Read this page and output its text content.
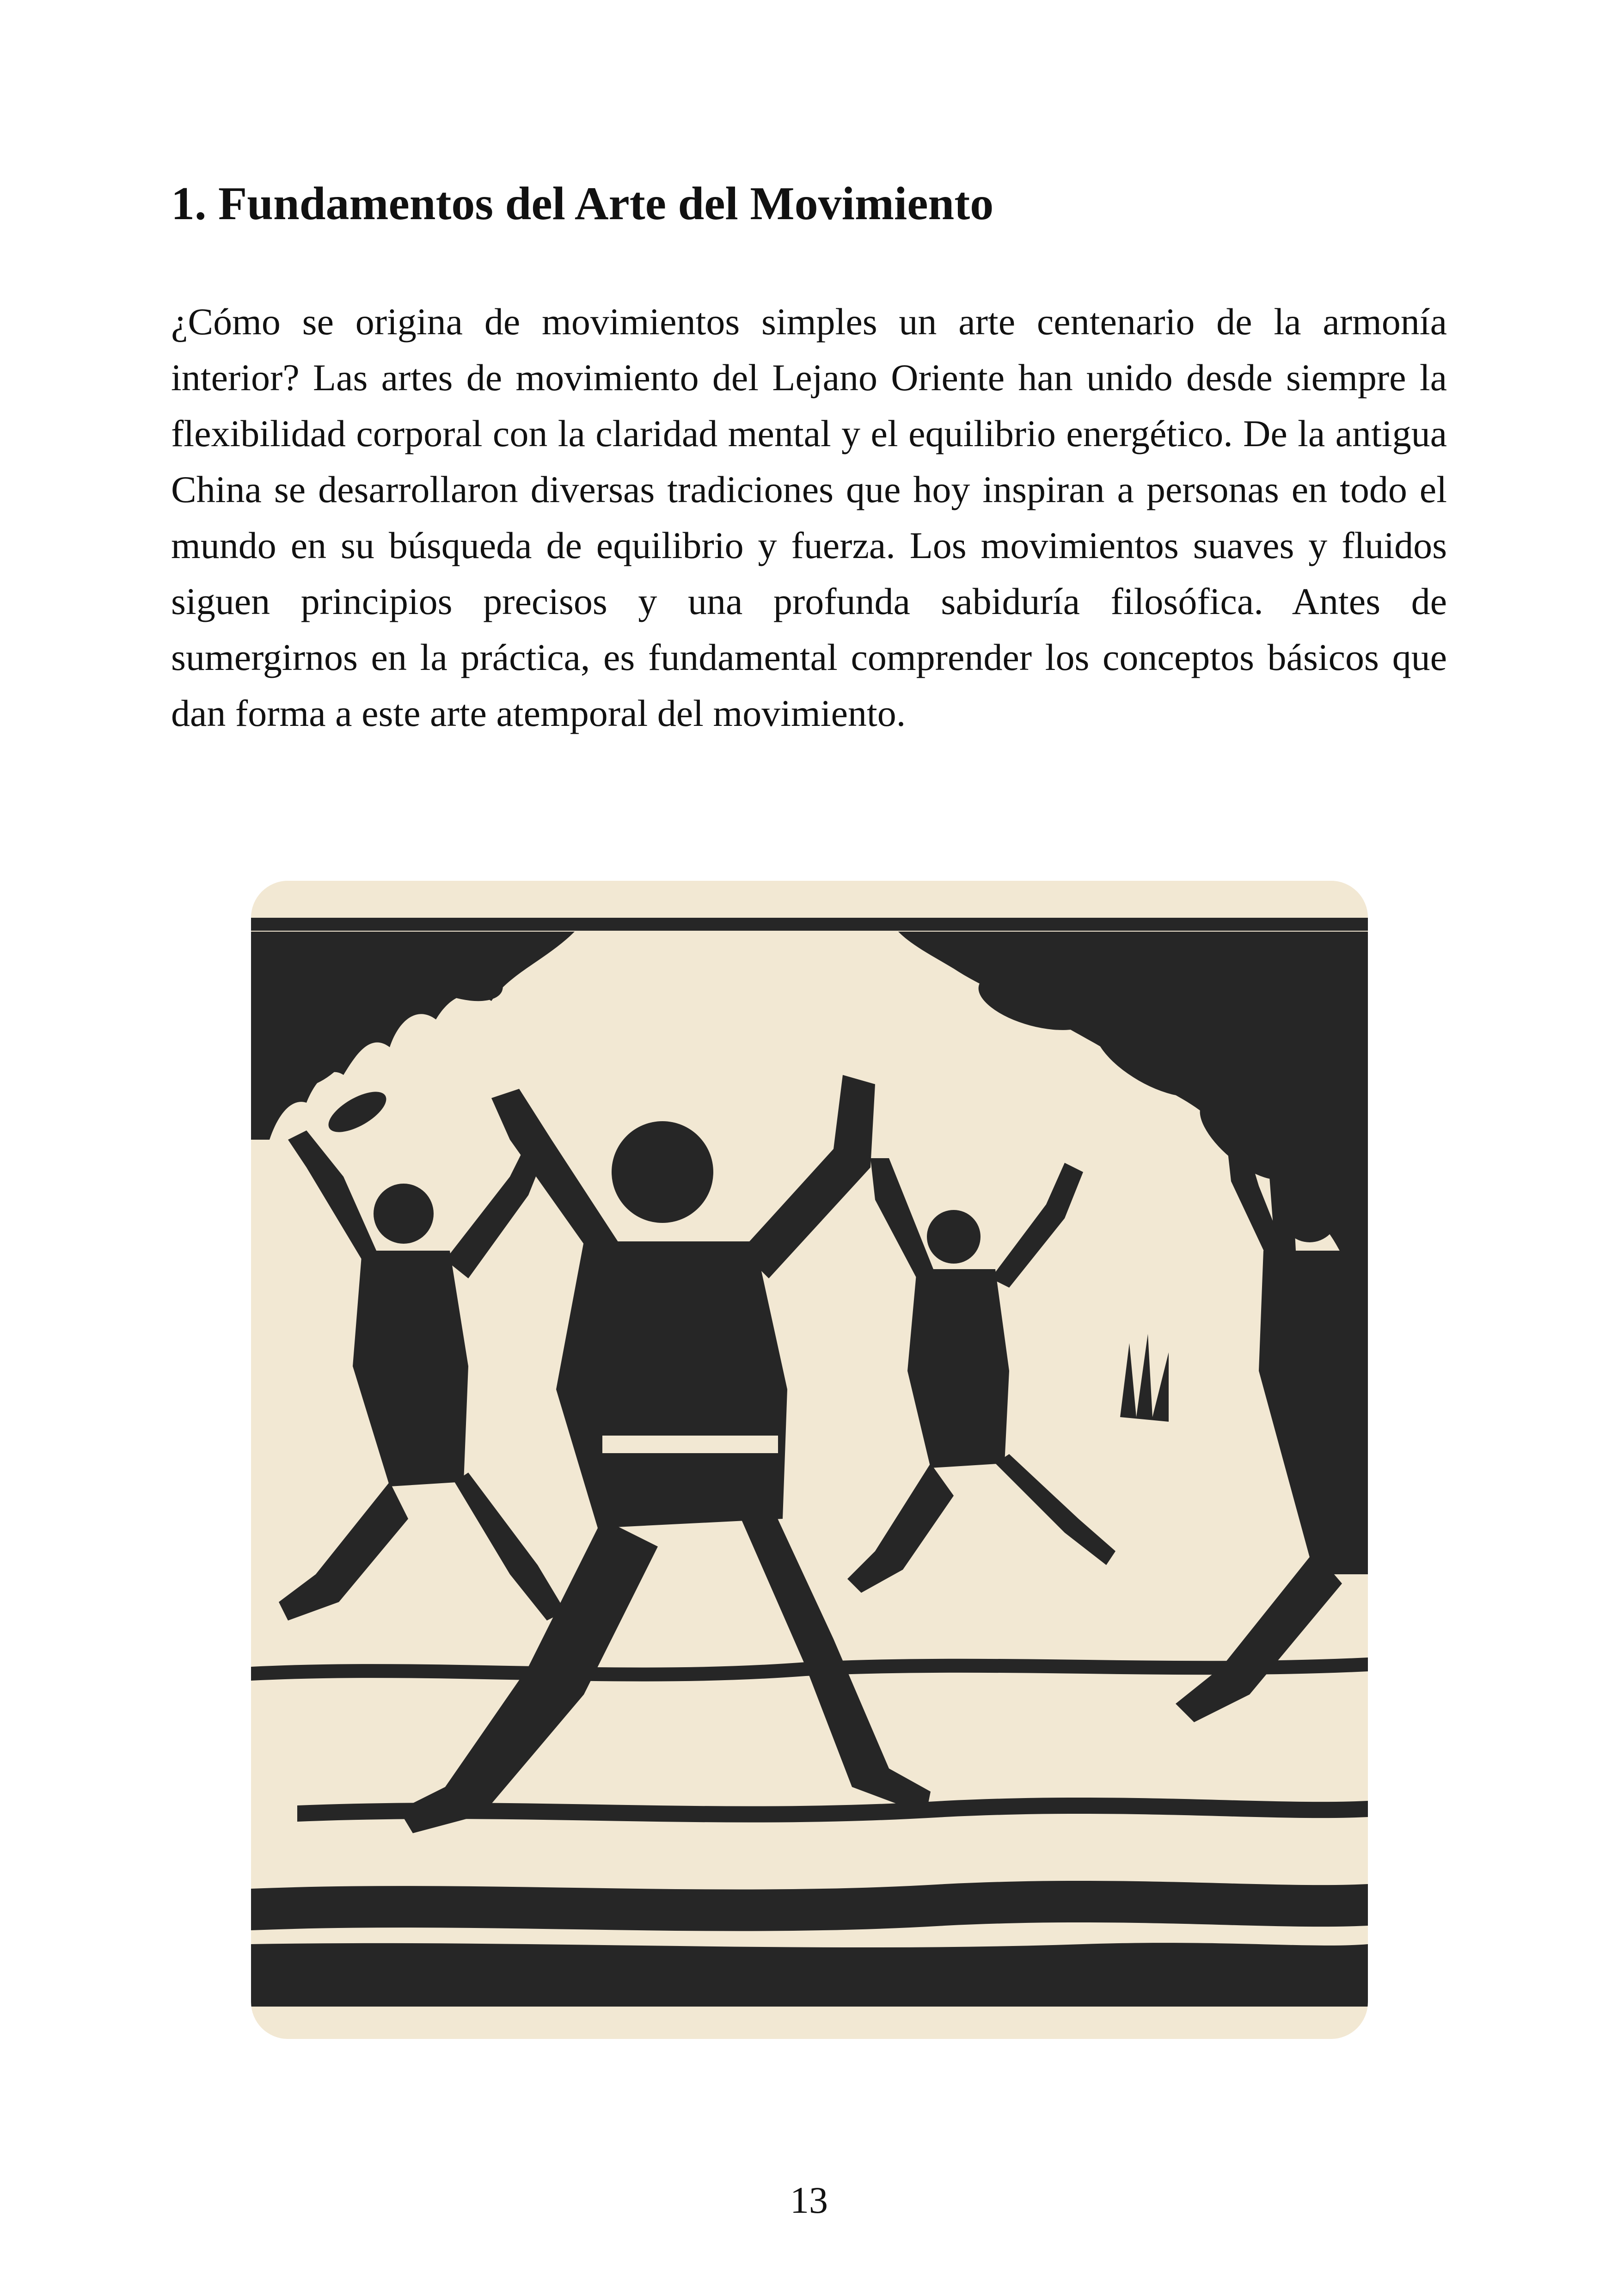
1. Fundamentos del Arte del Movimiento

¿Cómo se origina de movimientos simples un arte centenario de la armonía interior? Las artes de movimiento del Lejano Oriente han unido desde siempre la flexibilidad corporal con la claridad mental y el equilibrio energético. De la antigua China se desarrollaron diversas tradiciones que hoy inspiran a personas en todo el mundo en su búsqueda de equilibrio y fuerza. Los movimientos suaves y fluidos siguen principios precisos y una profunda sabiduría filosófica. Antes de sumergirnos en la práctica, es fundamental comprender los conceptos básicos que dan forma a este arte atemporal del movimiento.

13
